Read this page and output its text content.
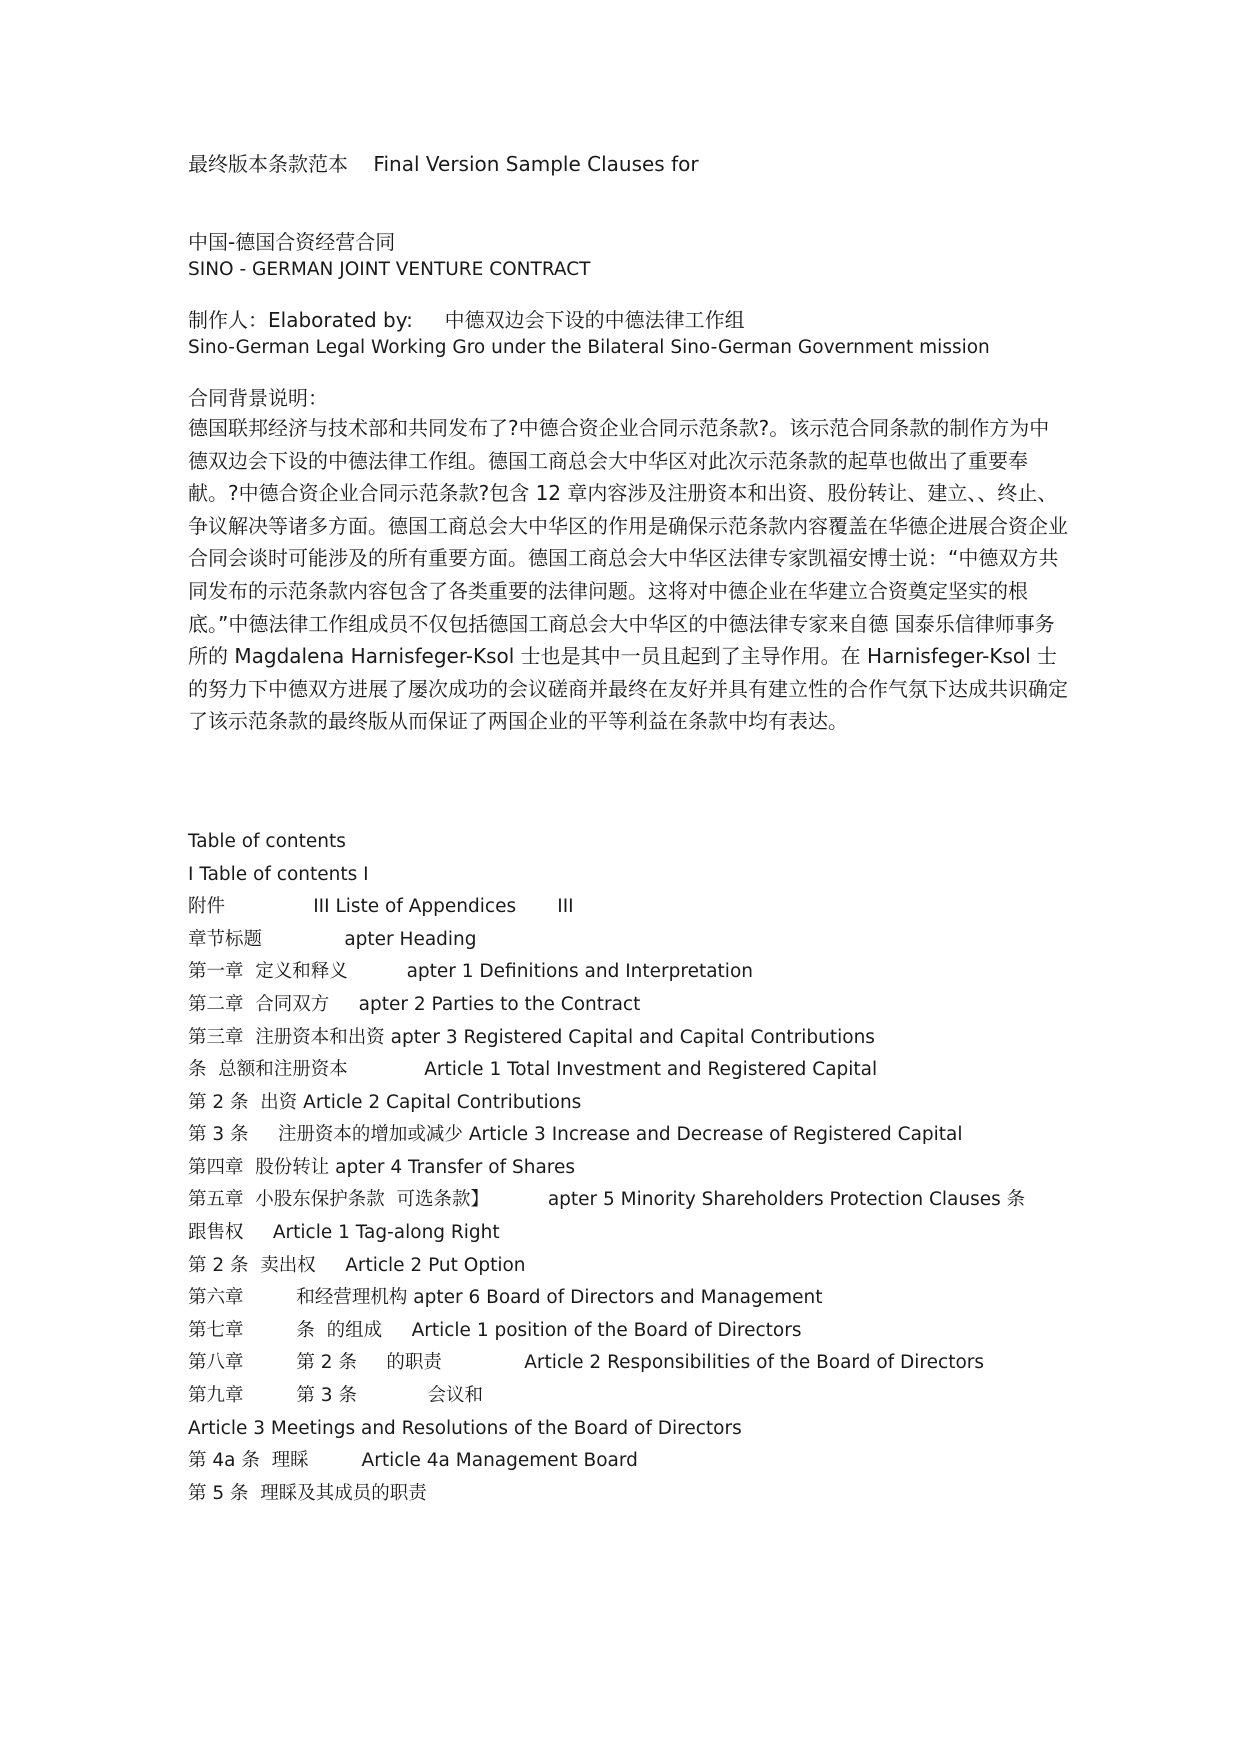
最终版本条款范本    Final Version Sample Clauses for
中国-德国合资经营合同
SINO - GERMAN JOINT VENTURE CONTRACT
制作人：Elaborated by:     中德双边会下设的中德法律工作组
Sino-German Legal Working Gro under the Bilateral Sino-German Government mission
合同背景说明：

德国联邦经济与技术部和共同发布了?中德合资企业合同示范条款?。该示范合同条款的制作方为中德双边会下设的中德法律工作组。德国工商总会大中华区对此次示范条款的起草也做出了重要奉献。?中德合资企业合同示范条款?包含 12 章内容涉及注册资本和出资、股份转让、建立、、终止、争议解决等诸多方面。德国工商总会大中华区的作用是确保示范条款内容覆盖在华德企进展合资企业合同会谈时可能涉及的所有重要方面。德国工商总会大中华区法律专家凯福安博士说：“中德双方共同发布的示范条款内容包含了各类重要的法律问题。这将对中德企业在华建立合资奠定坚实的根底。”中德法律工作组成员不仅包括德国工商总会大中华区的中德法律专家来自德 国泰乐信律师事务所的 Magdalena Harnisfeger-Ksol 士也是其中一员且起到了主导作用。在 Harnisfeger-Ksol 士的努力下中德双方进展了屡次成功的会议磋商并最终在友好并具有建立性的合作气氛下达成共识确定了该示范条款的最终版从而保证了两国企业的平等利益在条款中均有表达。

Table of contents
I Table of contents I
附件               III Liste of Appendices       III
章节标题              apter Heading
第一章  定义和释义          apter 1 Definitions and Interpretation
第二章  合同双方     apter 2 Parties to the Contract
第三章  注册资本和出资 apter 3 Registered Capital and Capital Contributions
条  总额和注册资本             Article 1 Total Investment and Registered Capital
第 2 条  出资 Article 2 Capital Contributions
第 3 条     注册资本的增加或减少 Article 3 Increase and Decrease of Registered Capital
第四章  股份转让 apter 4 Transfer of Shares
第五章  小股东保护条款  可选条款】          apter 5 Minority Shareholders Protection Clauses 条
跟售权     Article 1 Tag-along Right
第 2 条  卖出权     Article 2 Put Option
第六章         和经营理机构 apter 6 Board of Directors and Management
第七章         条  的组成     Article 1 position of the Board of Directors
第八章         第 2 条     的职责              Article 2 Responsibilities of the Board of Directors
第九章         第 3 条            会议和
Article 3 Meetings and Resolutions of the Board of Directors
第 4a 条  理睬         Article 4a Management Board
第 5 条  理睬及其成员的职责
